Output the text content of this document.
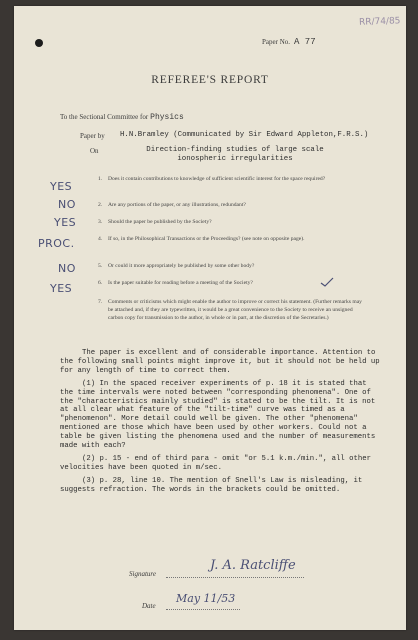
RR/74/85
Paper No. A 77
REFEREE'S REPORT
To the Sectional Committee for Physics
Paper by H.N.Bramley (Communicated by Sir Edward Appleton,F.R.S.)
On	Direction-finding studies of large scale ionospheric irregularities
1. Does it contain contributions to knowledge of sufficient scientific interest for the space required?
2. Are any portions of the paper, or any illustrations, redundant?
3. Should the paper be published by the Society?
4. If so, in the Philosophical Transactions or the Proceedings? (see note on opposite page).
5. Or could it more appropriately be published by some other body?
6. Is the paper suitable for reading before a meeting of the Society?
7. Comments or criticisms which might enable the author to improve or correct his statement. (Further remarks may be attached and, if they are typewritten, it would be a great convenience to the Society to receive an unsigned carbon copy for transmission to the author, in whole or in part, at the discretion of the Secretaries.)
YES
NO
YES
PROC.
NO
YES

The paper is excellent and of considerable importance. Attention to the following small points might improve it, but it should not be held up for any length of time to correct them.

(1) In the spaced receiver experiments of p. 18 it is stated that the time intervals were noted between "corresponding phenomena". One of the "characteristics mainly studied" is stated to be the tilt. It is not at all clear what feature of the "tilt-time" curve was timed as a "phenomenon". More detail could well be given. The other "phenomena" mentioned are those which have been used by other workers. Could not a table be given listing the phenomena used and the number of measurements made with each?

(2) p. 15 - end of third para - omit "or 5.1 k.m./min.", all other velocities have been quoted in m/sec.

(3) p. 28, line 10. The mention of Snell's Law is misleading, it suggests refraction. The words in the brackets could be omitted.

Signature
J. A. Ratcliffe
Date
May 11/53
